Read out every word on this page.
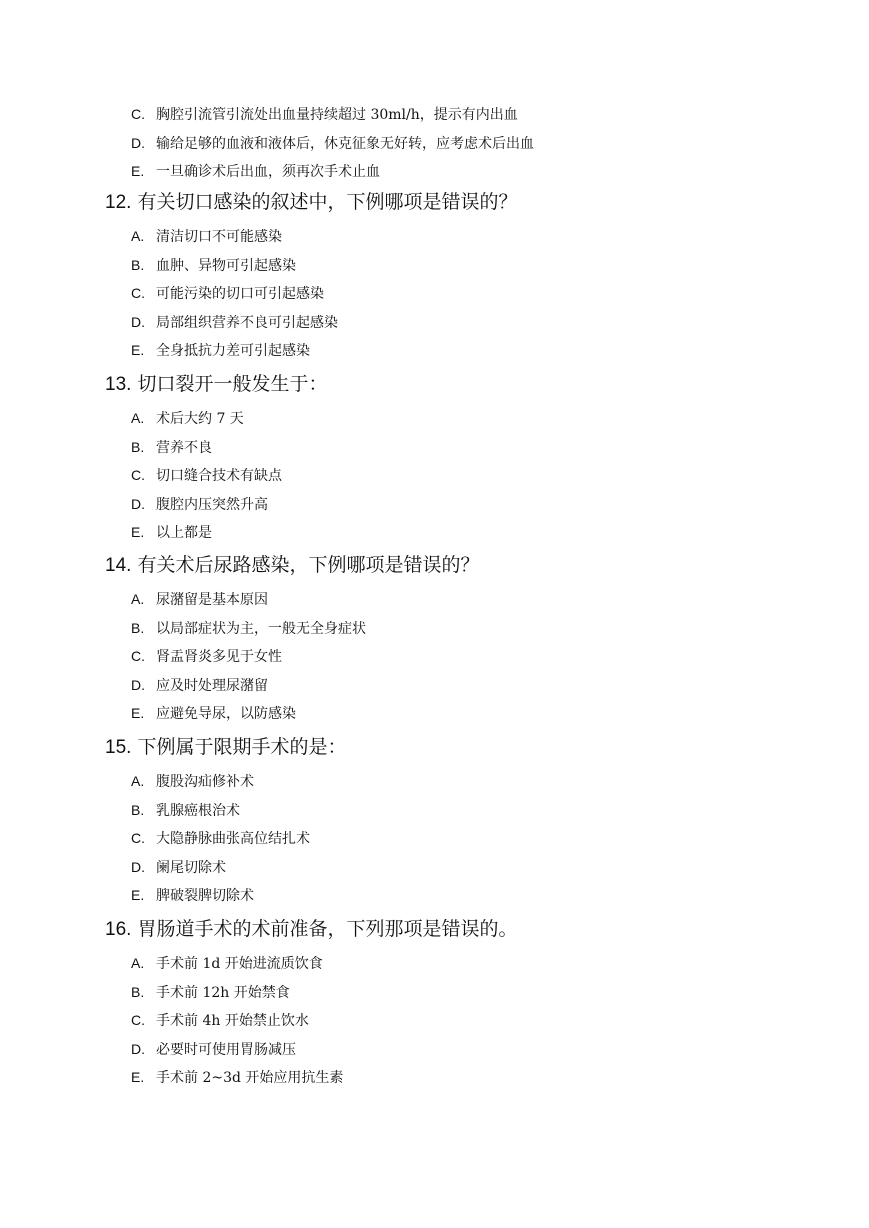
C. 胸腔引流管引流处出血量持续超过 30ml/h，提示有内出血
D. 输给足够的血液和液体后，休克征象无好转，应考虑术后出血
E. 一旦确诊术后出血，须再次手术止血
12. 有关切口感染的叙述中，下例哪项是错误的？
A. 清洁切口不可能感染
B. 血肿、异物可引起感染
C. 可能污染的切口可引起感染
D. 局部组织营养不良可引起感染
E. 全身抵抗力差可引起感染
13. 切口裂开一般发生于：
A. 术后大约 7 天
B. 营养不良
C. 切口缝合技术有缺点
D. 腹腔内压突然升高
E. 以上都是
14. 有关术后尿路感染，下例哪项是错误的？
A. 尿潴留是基本原因
B. 以局部症状为主，一般无全身症状
C. 肾盂肾炎多见于女性
D. 应及时处理尿潴留
E. 应避免导尿，以防感染
15. 下例属于限期手术的是：
A. 腹股沟疝修补术
B. 乳腺癌根治术
C. 大隐静脉曲张高位结扎术
D. 阑尾切除术
E. 脾破裂脾切除术
16. 胃肠道手术的术前准备，下列那项是错误的。
A. 手术前 1d 开始进流质饮食
B. 手术前 12h 开始禁食
C. 手术前 4h 开始禁止饮水
D. 必要时可使用胃肠减压
E. 手术前 2~3d 开始应用抗生素
